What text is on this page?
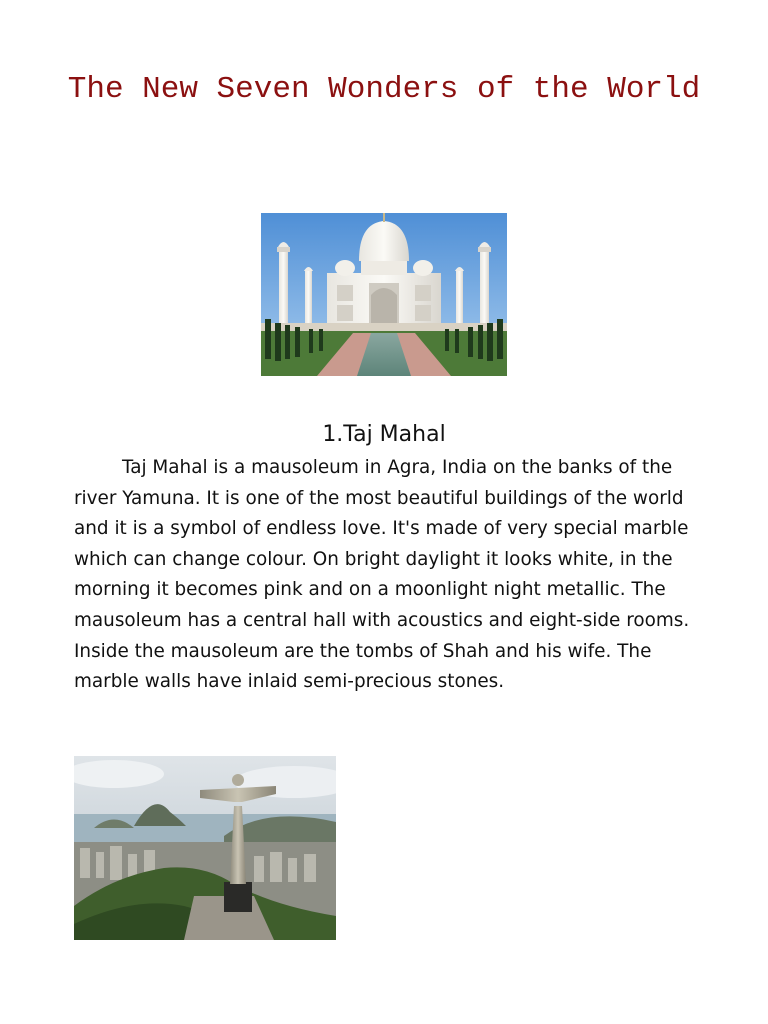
The New Seven Wonders of the World
1.Taj Mahal

Taj Mahal is a mausoleum in Agra, India on the banks of the river Yamuna. It is one of the most beautiful buildings of the world and it is a symbol of endless love. It's made of very special marble which can change colour. On bright daylight it looks white, in the morning it becomes pink and on a moonlight night metallic. The mausoleum has a central hall with acoustics and eight-side rooms. Inside the mausoleum are the tombs of Shah and his wife. The marble walls have inlaid semi-precious stones.
